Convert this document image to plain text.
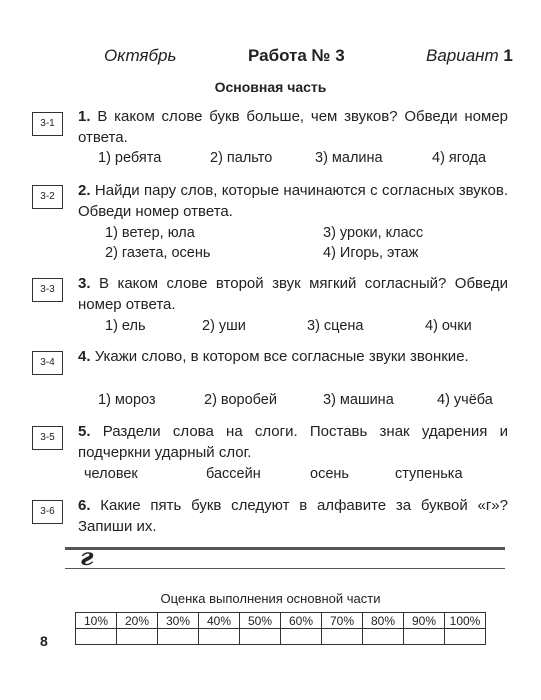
Октябрь	Работа № 3	Вариант 1
Основная часть
3-1	1. В каком слове букв больше, чем звуков? Обведи номер ответа.
1) ребята	2) пальто	3) малина	4) ягода
3-2	2. Найди пару слов, которые начинаются с согласных звуков. Обведи номер ответа.
1) ветер, юла	3) уроки, класс
2) газета, осень	4) Игорь, этаж
3-3	3. В каком слове второй звук мягкий согласный? Обведи номер ответа.
1) ель	2) уши	3) сцена	4) очки
3-4	4. Укажи слово, в котором все согласные звуки звонкие.
1) мороз	2) воробей	3) машина	4) учёба
3-5	5. Раздели слова на слоги. Поставь знак ударения и подчеркни ударный слог.
человек	бассейн	осень	ступенька
3-6	6. Какие пять букв следуют в алфавите за буквой «г»? Запиши их.
г
Оценка выполнения основной части
10%	20%	30%	40%	50%	60%	70%	80%	90%	100%

8
